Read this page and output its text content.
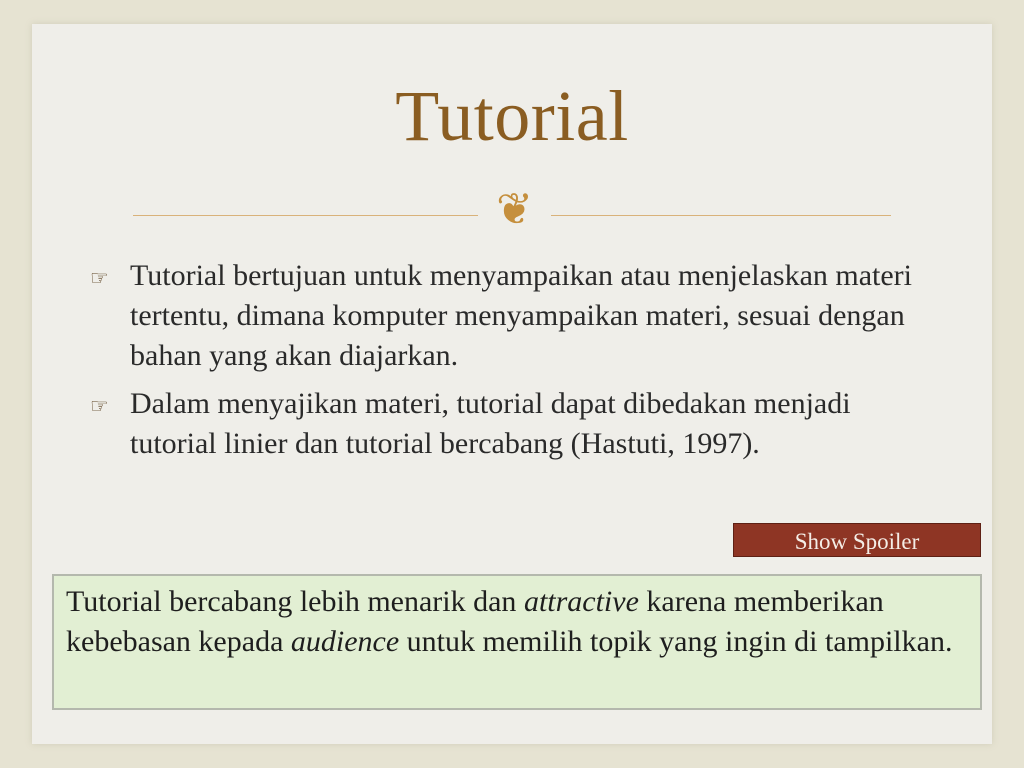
Tutorial
❦
☞ Tutorial bertujuan untuk menyampaikan atau menjelaskan materi tertentu, dimana komputer menyampaikan materi, sesuai dengan bahan yang akan diajarkan.
☞ Dalam menyajikan materi, tutorial dapat dibedakan menjadi tutorial linier dan tutorial bercabang (Hastuti, 1997).
Show Spoiler
Tutorial bercabang lebih menarik dan attractive karena memberikan kebebasan kepada audience untuk memilih topik yang ingin di tampilkan.
